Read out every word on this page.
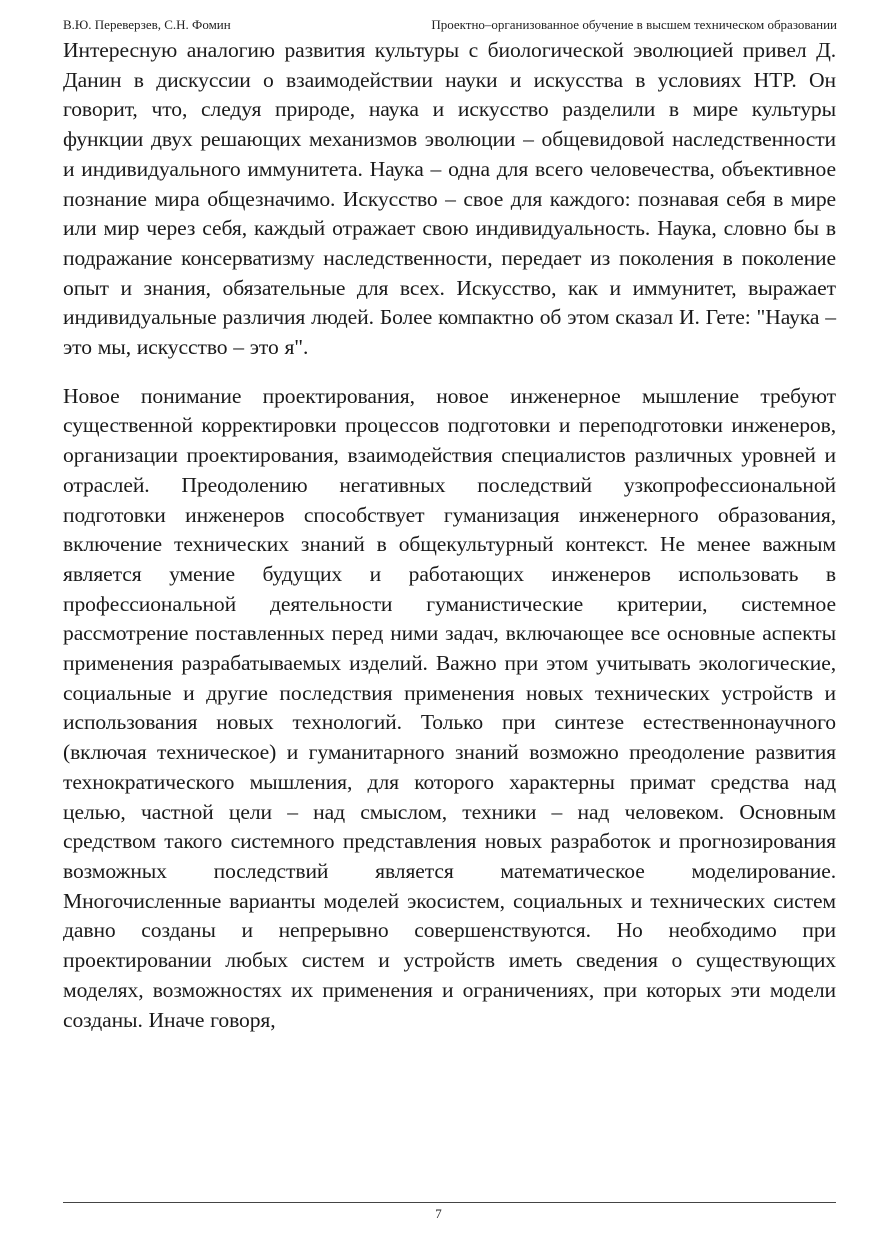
В.Ю. Переверзев, С.Н. Фомин	Проектно–организованное обучение в высшем техническом образовании

Интересную аналогию развития культуры с биологической эволюцией привел Д. Данин в дискуссии о взаимодействии науки и искусства в условиях НТР. Он говорит, что, следуя природе, наука и искусство разделили в мире культуры функции двух решающих механизмов эволюции – общевидовой наследственности и индивидуального иммунитета. Наука – одна для всего человечества, объективное познание мира общезначимо. Искусство – свое для каждого: познавая себя в мире или мир через себя, каждый отражает свою индивидуальность. Наука, словно бы в подражание консерватизму наследственности, передает из поколения в поколение опыт и знания, обязательные для всех. Искусство, как и иммунитет, выражает индивидуальные различия людей. Более компактно об этом сказал И. Гете: "Наука – это мы, искусство – это я".

Новое понимание проектирования, новое инженерное мышление требуют существенной корректировки процессов подготовки и переподготовки инженеров, организации проектирования, взаимодействия специалистов различных уровней и отраслей. Преодолению негативных последствий узкопрофессиональной подготовки инженеров способствует гуманизация инженерного образования, включение технических знаний в общекультурный контекст. Не менее важным является умение будущих и работающих инженеров использовать в профессиональной деятельности гуманистические критерии, системное рассмотрение поставленных перед ними задач, включающее все основные аспекты применения разрабатываемых изделий. Важно при этом учитывать экологические, социальные и другие последствия применения новых технических устройств и использования новых технологий. Только при синтезе естественнонаучного (включая техническое) и гуманитарного знаний возможно преодоление развития технократического мышления, для которого характерны примат средства над целью, частной цели – над смыслом, техники – над человеком. Основным средством такого системного представления новых разработок и прогнозирования возможных последствий является математическое моделирование. Многочисленные варианты моделей экосистем, социальных и технических систем давно созданы и непрерывно совершенствуются. Но необходимо при проектировании любых систем и устройств иметь сведения о существующих моделях, возможностях их применения и ограничениях, при которых эти модели созданы. Иначе говоря,

7
